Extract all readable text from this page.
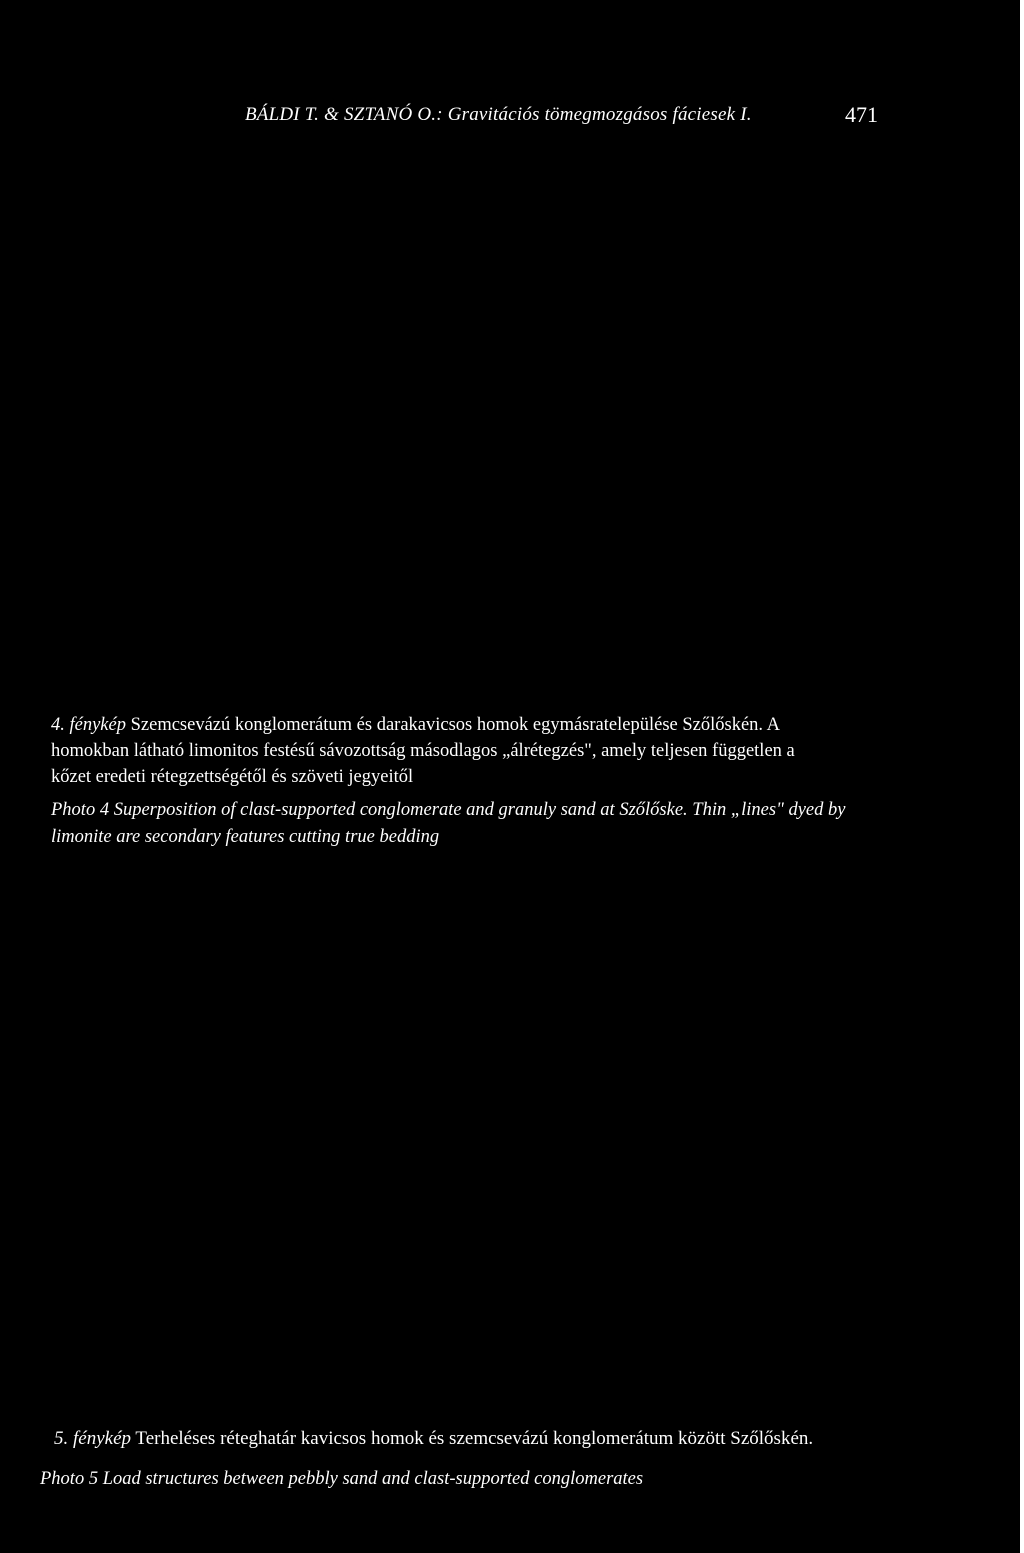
BÁLDI T. & SZTANÓ O.: Gravitációs tömegmozgásos fáciesek I.	471
4. fénykép Szemcsevázú konglomerátum és darakavicsos homok egymásratelepülése Szőlőskén. A
homokban látható limonitos festésű sávozottság másodlagos „álrétegzés", amely teljesen független a
kőzet eredeti rétegzettségétől és szöveti jegyeitől
Photo 4 Superposition of clast-supported conglomerate and granuly sand at Szőlőske. Thin „lines" dyed by
limonite are secondary features cutting true bedding
5. fénykép Terheléses réteghatár kavicsos homok és szemcsevázú konglomerátum között Szőlőskén.
Photo 5 Load structures between pebbly sand and clast-supported conglomerates
